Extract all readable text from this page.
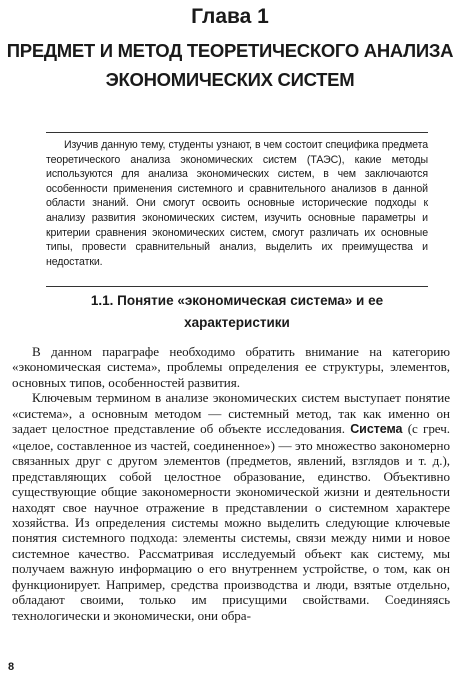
Глава 1
ПРЕДМЕТ И МЕТОД ТЕОРЕТИЧЕСКОГО АНАЛИЗА ЭКОНОМИЧЕСКИХ СИСТЕМ

Изучив данную тему, студенты узнают, в чем состоит специфика предмета теоретического анализа экономических систем (ТАЭС), какие методы используются для анализа экономических систем, в чем заключаются особенности применения системного и сравнительного анализов в данной области знаний. Они смогут освоить основные исторические подходы к анализу развития экономических систем, изучить основные параметры и критерии сравнения экономических систем, смогут различать их основные типы, провести сравнительный анализ, выделить их преимущества и недостатки.

1.1. Понятие «экономическая система» и ее характеристики

В данном параграфе необходимо обратить внимание на категорию «экономическая система», проблемы определения ее структуры, элементов, основных типов, особенностей развития.

Ключевым термином в анализе экономических систем выступает понятие «система», а основным методом — системный метод, так как именно он задает целостное представление об объекте исследования. Система (с греч. «целое, составленное из частей, соединенное») — это множество закономерно связанных друг с другом элементов (предметов, явлений, взглядов и т. д.), представляющих собой целостное образование, единство. Объективно существующие общие закономерности экономической жизни и деятельности находят свое научное отражение в представлении о системном характере хозяйства. Из определения системы можно выделить следующие ключевые понятия системного подхода: элементы системы, связи между ними и новое системное качество. Рассматривая исследуемый объект как систему, мы получаем важную информацию о его внутреннем устройстве, о том, как он функционирует. Например, средства производства и люди, взятые отдельно, обладают своими, только им присущими свойствами. Соединяясь технологически и экономически, они обра-

8
